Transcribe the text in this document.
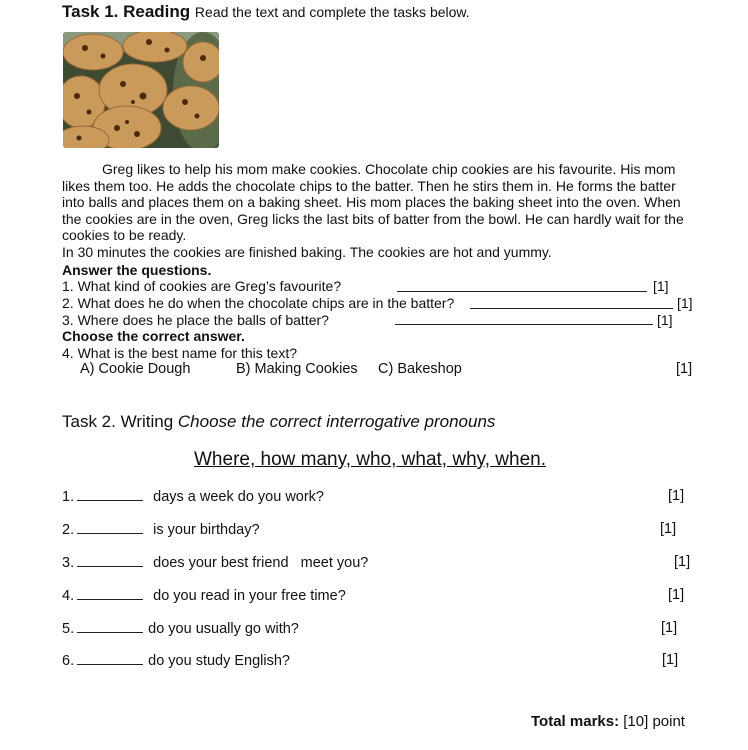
Task 1. Reading Read the text and complete the tasks below.

Greg likes to help his mom make cookies. Chocolate chip cookies are his favourite. His mom likes them too. He adds the chocolate chips to the batter. Then he stirs them in. He forms the batter into balls and places them on a baking sheet. His mom places the baking sheet into the oven. When the cookies are in the oven, Greg licks the last bits of batter from the bowl. He can hardly wait for the cookies to be ready.

In 30 minutes the cookies are finished baking. The cookies are hot and yummy.

Answer the questions.
1. What kind of cookies are Greg’s favourite?	[1]
2. What does he do when the chocolate chips are in the batter?	[1]
3. Where does he place the balls of batter?	[1]
Choose the correct answer.
4. What is the best name for this text?
A) Cookie Dough	B) Making Cookies C) Bakeshop	[1]
Task 2. Writing Choose the correct interrogative pronouns
Where, how many, who, what, why, when.
1.	days a week do you work?	[1]
2.	is your birthday?	[1]
3.	does your best friend   meet you?	[1]
4.	do you read in your free time?	[1]
5.	do you usually go with?	[1]
6.	do you study English?	[1]
Total marks: [10] point
